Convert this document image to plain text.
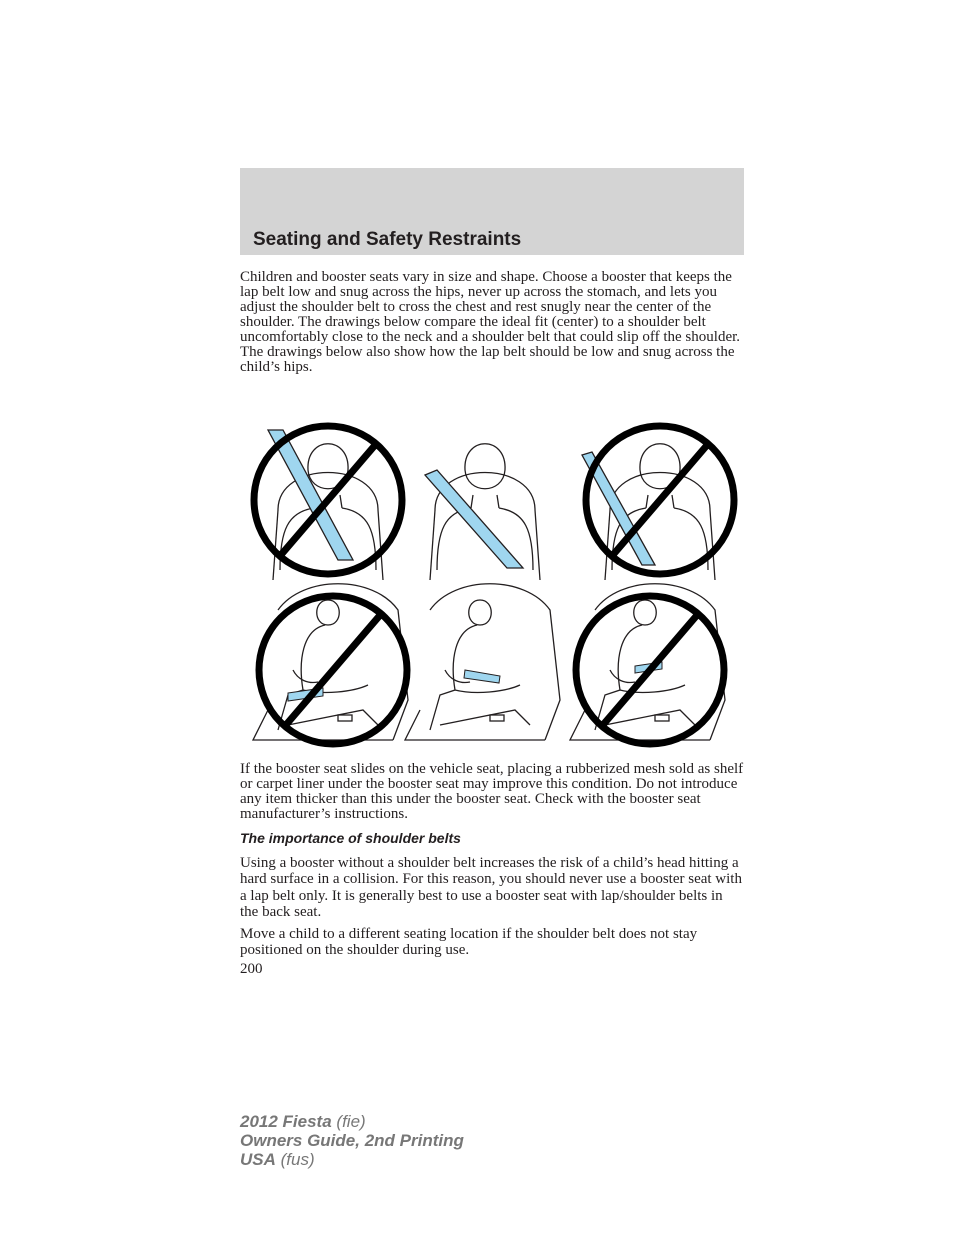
Seating and Safety Restraints

Children and booster seats vary in size and shape. Choose a booster that keeps the lap belt low and snug across the hips, never up across the stomach, and lets you adjust the shoulder belt to cross the chest and rest snugly near the center of the shoulder. The drawings below compare the ideal fit (center) to a shoulder belt uncomfortably close to the neck and a shoulder belt that could slip off the shoulder. The drawings below also show how the lap belt should be low and snug across the child’s hips.

If the booster seat slides on the vehicle seat, placing a rubberized mesh sold as shelf or carpet liner under the booster seat may improve this condition. Do not introduce any item thicker than this under the booster seat. Check with the booster seat manufacturer’s instructions.

The importance of shoulder belts

Using a booster without a shoulder belt increases the risk of a child’s head hitting a hard surface in a collision. For this reason, you should never use a booster seat with a lap belt only. It is generally best to use a booster seat with lap/shoulder belts in the back seat.

Move a child to a different seating location if the shoulder belt does not stay positioned on the shoulder during use.

200
2012 Fiesta (fie)
Owners Guide, 2nd Printing
USA (fus)
